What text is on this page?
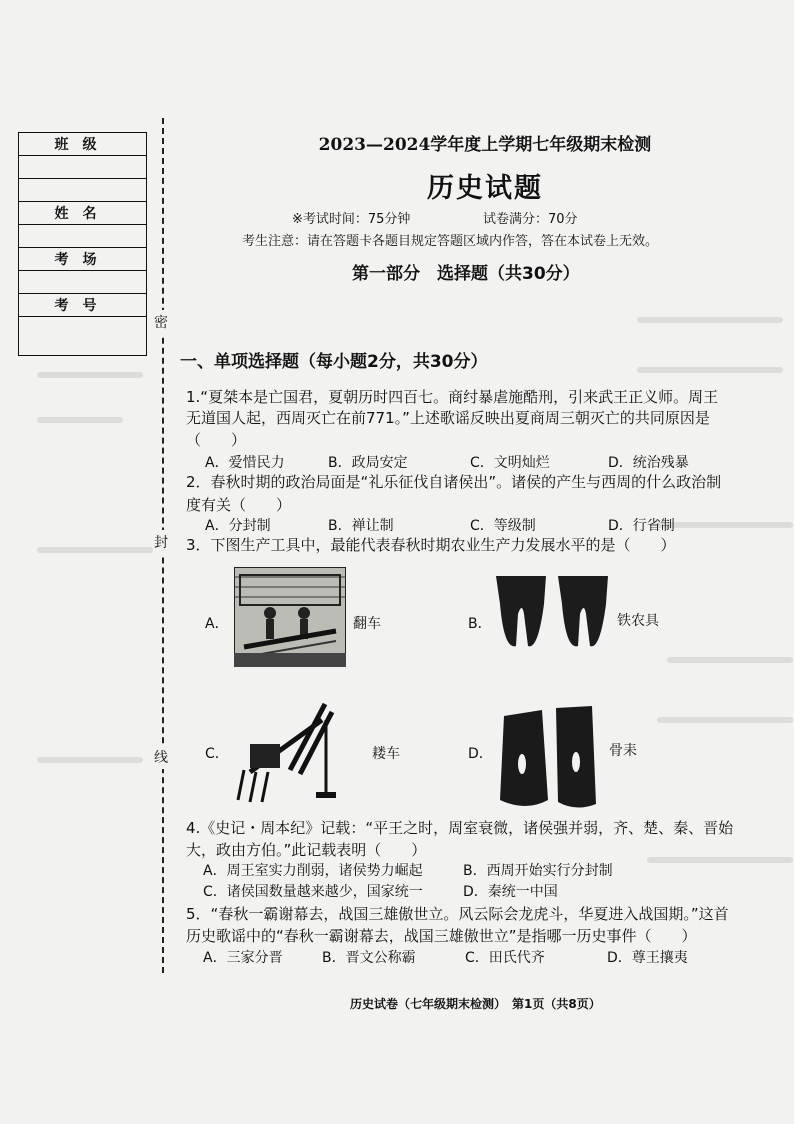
班级
姓名
考场
考号
密
封
线
2023—2024学年度上学期七年级期末检测
历史试题
※考试时间：75分钟	试卷满分：70分
考生注意：请在答题卡各题目规定答题区域内作答，答在本试卷上无效。
第一部分　选择题（共30分）
一、单项选择题（每小题2分，共30分）
1.“夏桀本是亡国君，夏朝历时四百七。商纣暴虐施酷刑，引来武王正义师。周王
无道国人起，西周灭亡在前771。”上述歌谣反映出夏商周三朝灭亡的共同原因是
（　　）
A．爱惜民力	B．政局安定	C．文明灿烂	D．统治残暴
2．春秋时期的政治局面是“礼乐征伐自诸侯出”。诸侯的产生与西周的什么政治制
度有关（　　）
A．分封制	B．禅让制	C．等级制	D．行省制
3．下图生产工具中，最能代表春秋时期农业生产力发展水平的是（　　）
A．	翻车	B．	铁农具
C．	耧车	D．	骨耒
4.《史记・周本纪》记载：“平王之时，周室衰微，诸侯强并弱，齐、楚、秦、晋始
大，政由方伯。”此记载表明（　　）
A．周王室实力削弱，诸侯势力崛起	B．西周开始实行分封制
C．诸侯国数量越来越少，国家统一	D．秦统一中国
5．“春秋一霸谢幕去，战国三雄傲世立。风云际会龙虎斗，华夏进入战国期。”这首
历史歌谣中的“春秋一霸谢幕去，战国三雄傲世立”是指哪一历史事件（　　）
A．三家分晋	B．晋文公称霸	C．田氏代齐	D．尊王攘夷
历史试卷（七年级期末检测）　第1页（共8页）
